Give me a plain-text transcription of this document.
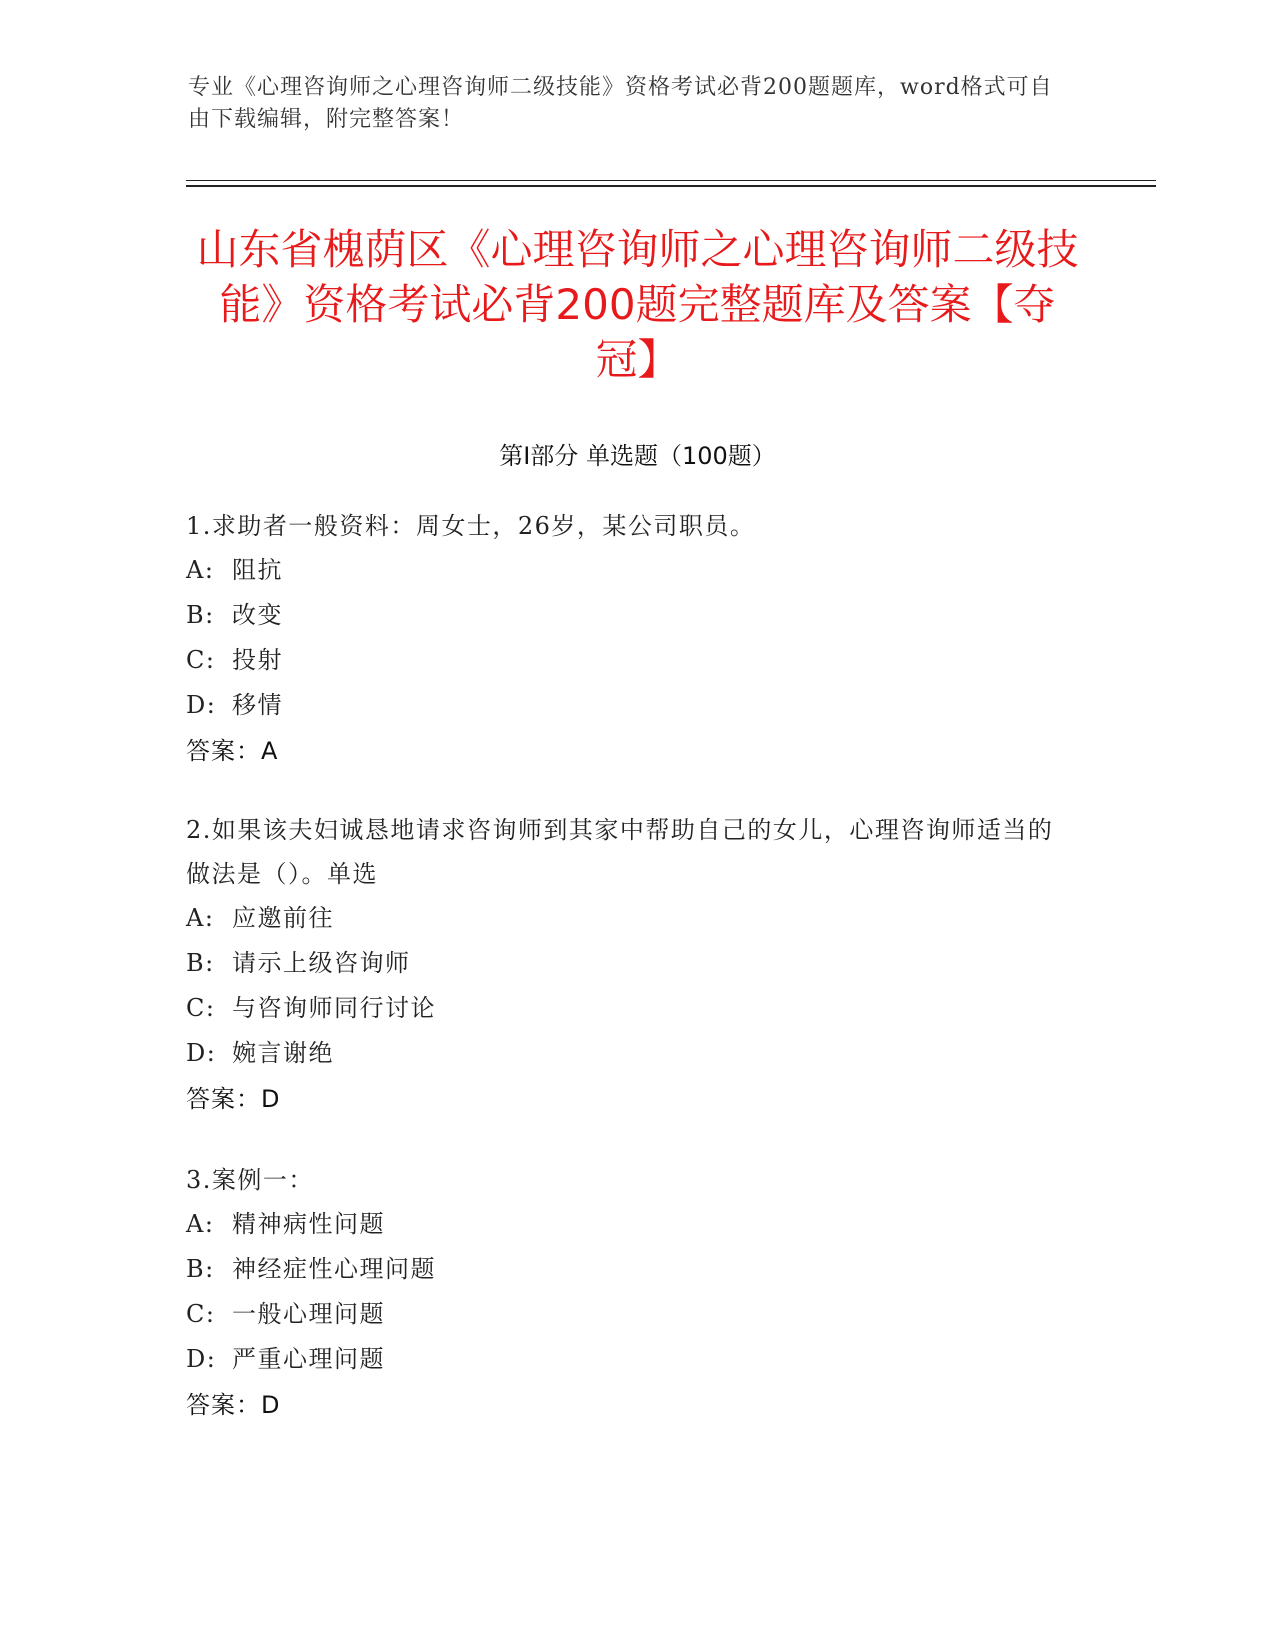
专业《心理咨询师之心理咨询师二级技能》资格考试必背200题题库，word格式可自由下载编辑，附完整答案！
山东省槐荫区《心理咨询师之心理咨询师二级技能》资格考试必背200题完整题库及答案【夺冠】
第I部分 单选题（100题）
1.求助者一般资料：周女士，26岁，某公司职员。
A: 阻抗
B: 改变
C: 投射
D: 移情
答案：A
2.如果该夫妇诚恳地请求咨询师到其家中帮助自己的女儿，心理咨询师适当的做法是（）。单选
A: 应邀前往
B: 请示上级咨询师
C: 与咨询师同行讨论
D: 婉言谢绝
答案：D
3.案例一：
A: 精神病性问题
B: 神经症性心理问题
C: 一般心理问题
D: 严重心理问题
答案：D
